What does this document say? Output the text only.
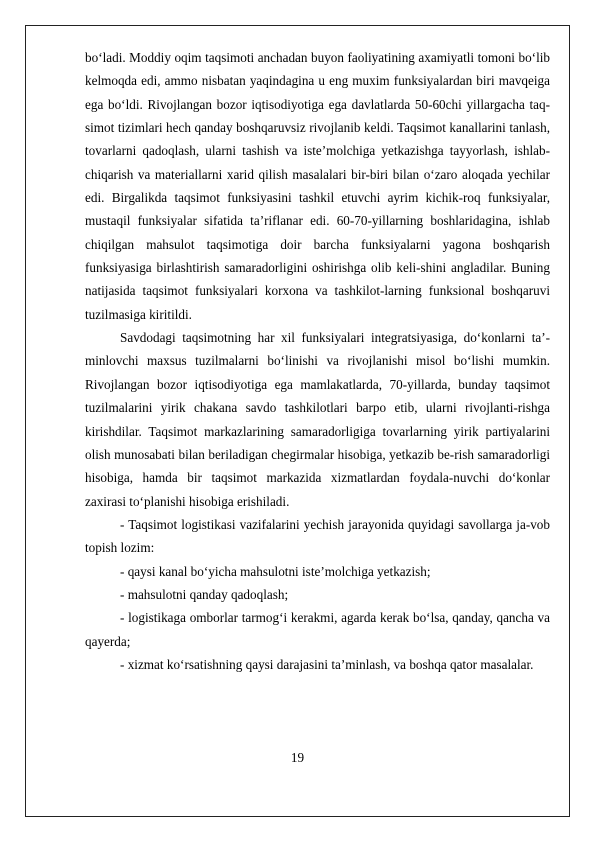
bo‘ladi. Moddiy oqim taqsimoti anchadan buyon faoliyatining axamiyatli tomoni bo‘lib kelmoqda edi, ammo nisbatan yaqindagina u eng muxim funksiyalardan biri mavqeiga ega bo‘ldi. Rivojlangan bozor iqtisodiyotiga ega davlatlarda 50-60chi yillargacha taq-simot tizimlari hech qanday boshqaruvsiz rivojlanib keldi. Taqsimot kanallarini tanlash, tovarlarni qadoqlash, ularni tashish va iste’molchiga yetkazishga tayyorlash, ishlab-chiqarish va materiallarni xarid qilish masalalari bir-biri bilan o‘zaro aloqada yechilar edi. Birgalikda taqsimot funksiyasini tashkil etuvchi ayrim kichik-roq funksiyalar, mustaqil funksiyalar sifatida ta’riflanar edi. 60-70-yillarning boshlaridagina, ishlab chiqilgan mahsulot taqsimotiga doir barcha funksiyalarni yagona boshqarish funksiyasiga birlashtirish samaradorligini oshirishga olib keli-shini angladilar. Buning natijasida taqsimot funksiyalari korxona va tashkilot-larning funksional boshqaruvi tuzilmasiga kiritildi.

Savdodagi taqsimotning har xil funksiyalari integratsiyasiga, do‘konlarni ta’-minlovchi maxsus tuzilmalarni bo‘linishi va rivojlanishi misol bo‘lishi mumkin. Rivojlangan bozor iqtisodiyotiga ega mamlakatlarda, 70-yillarda, bunday taqsimot tuzilmalarini yirik chakana savdo tashkilotlari barpo etib, ularni rivojlanti-rishga kirishdilar. Taqsimot markazlarining samaradorligiga tovarlarning yirik partiyalarini olish munosabati bilan beriladigan chegirmalar hisobiga, yetkazib be-rish samaradorligi hisobiga, hamda bir taqsimot markazida xizmatlardan foydala-nuvchi do‘konlar zaxirasi to‘planishi hisobiga erishiladi.

- Taqsimot logistikasi vazifalarini yechish jarayonida quyidagi savollarga ja-vob topish lozim:

- qaysi kanal bo‘yicha mahsulotni iste’molchiga yetkazish;

- mahsulotni qanday qadoqlash;

- logistikaga omborlar tarmog‘i kerakmi, agarda kerak bo‘lsa, qanday, qancha va qayerda;

- xizmat ko‘rsatishning qaysi darajasini ta’minlash, va boshqa qator masalalar.

19
